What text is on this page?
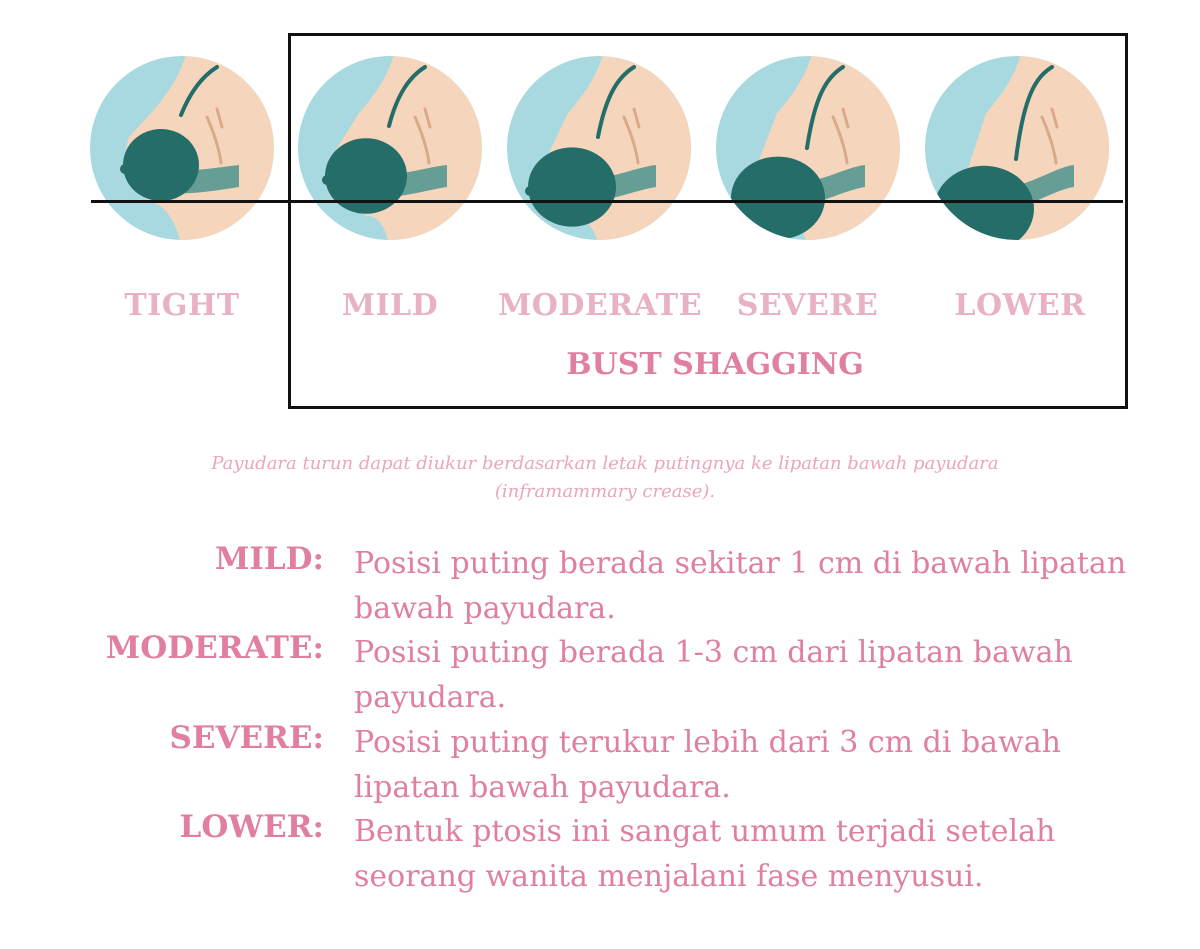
TIGHT	MILD	MODERATE	SEVERE	LOWER
BUST SHAGGING
Payudara turun dapat diukur berdasarkan letak putingnya ke lipatan bawah payudara (inframammary crease).
MILD: Posisi puting berada sekitar 1 cm di bawah lipatan bawah payudara.
MODERATE: Posisi puting berada 1-3 cm dari lipatan bawah payudara.
SEVERE: Posisi puting terukur lebih dari 3 cm di bawah lipatan bawah payudara.
LOWER: Bentuk ptosis ini sangat umum terjadi setelah seorang wanita menjalani fase menyusui.
